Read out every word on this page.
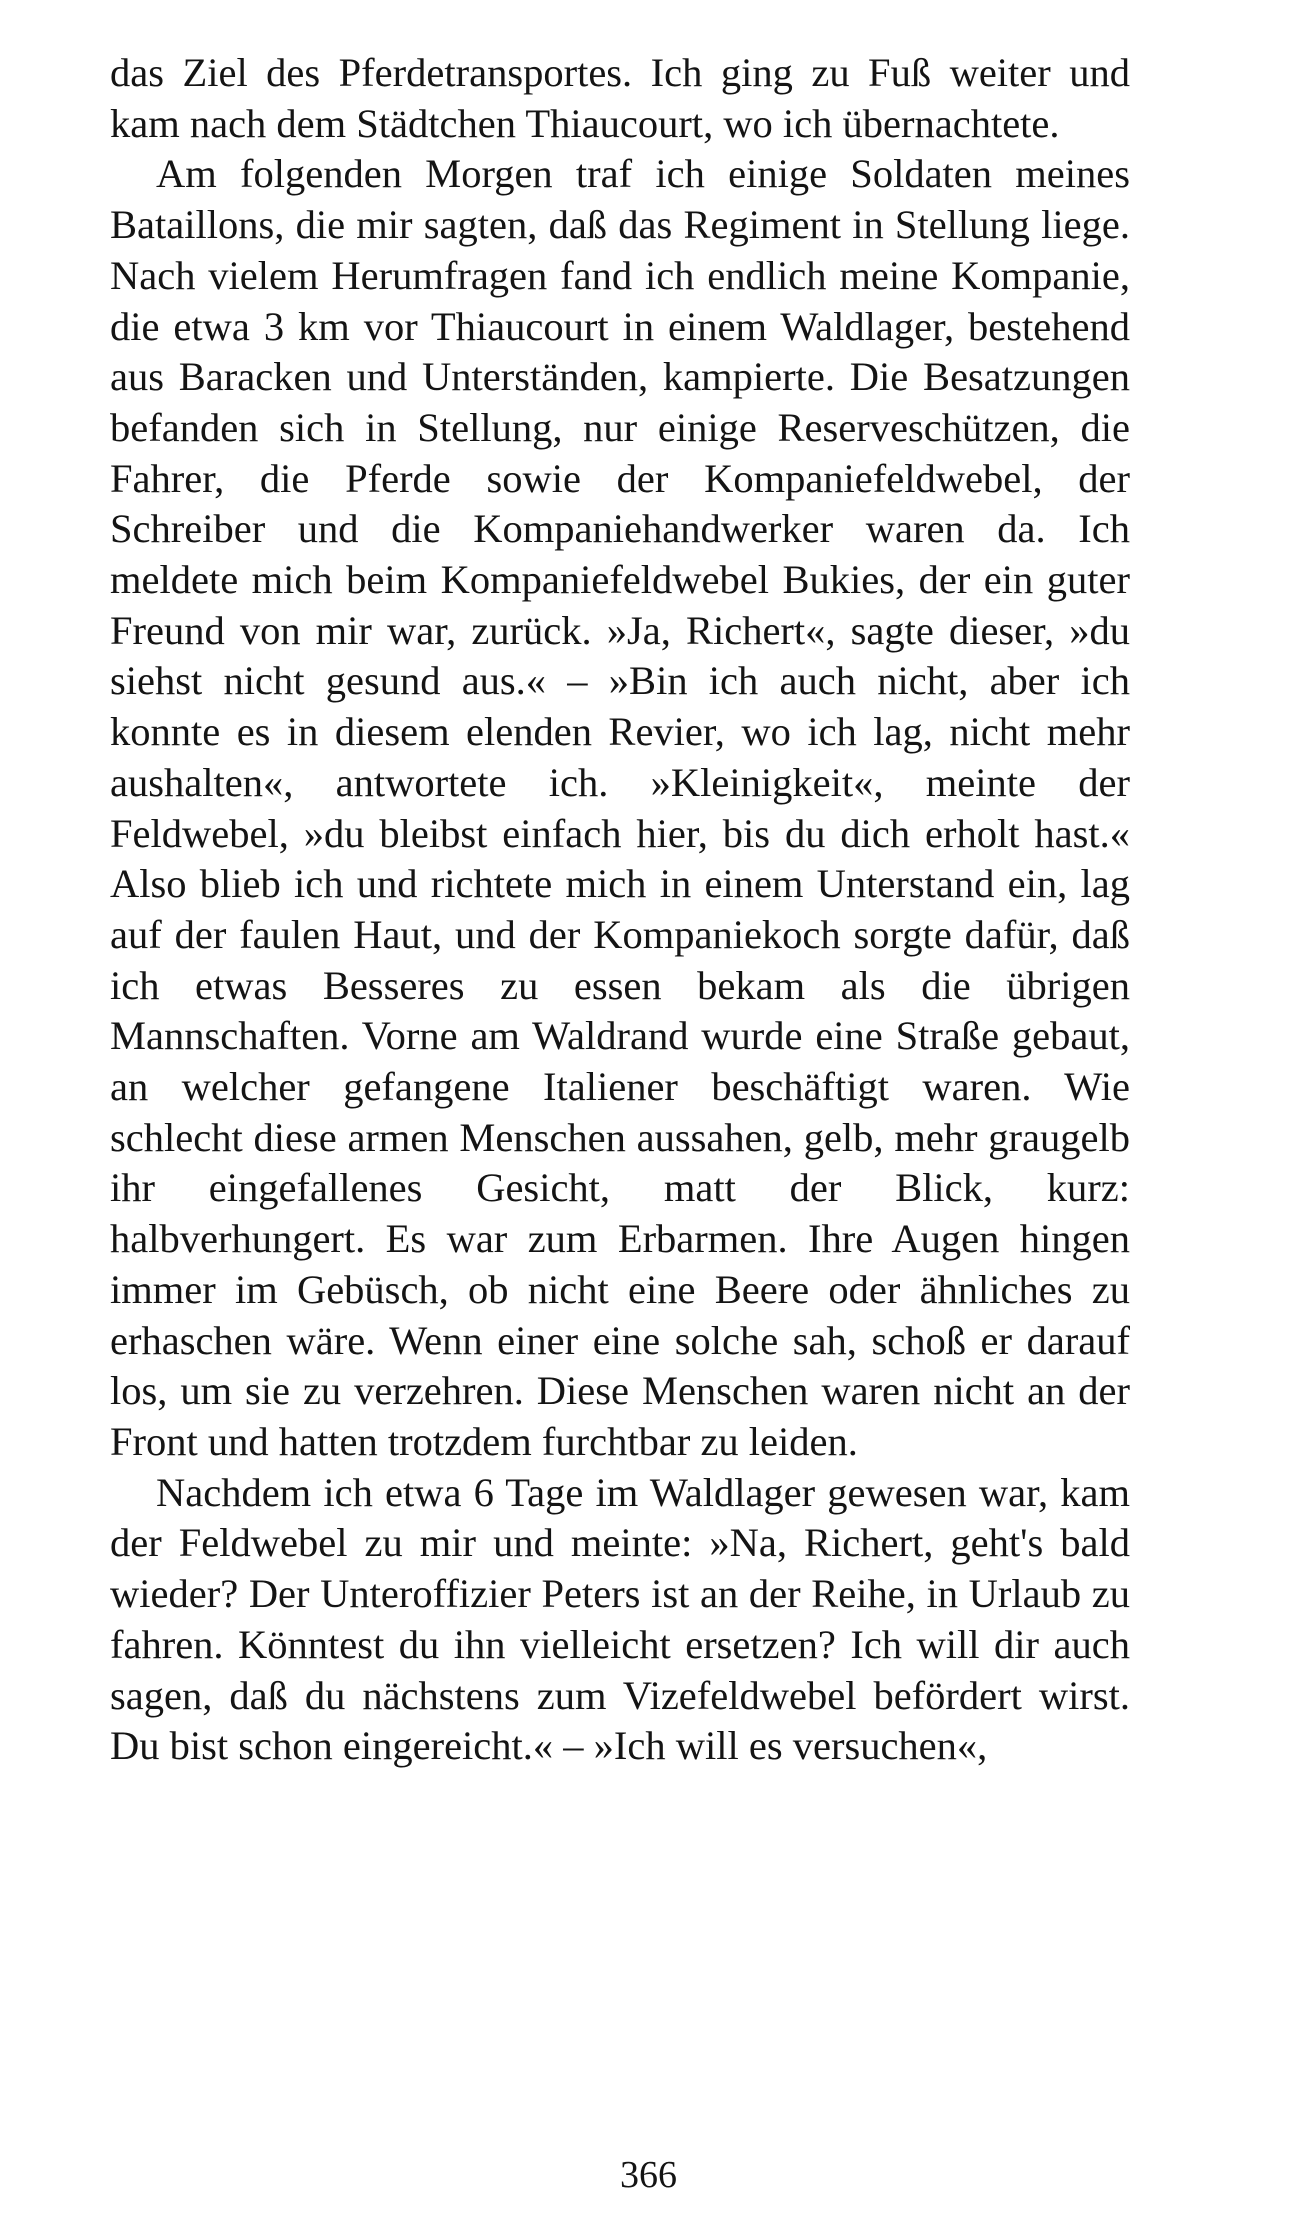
das Ziel des Pferdetransportes. Ich ging zu Fuß weiter und kam nach dem Städtchen Thiaucourt, wo ich übernachtete.

Am folgenden Morgen traf ich einige Soldaten meines Bataillons, die mir sagten, daß das Regiment in Stellung liege. Nach vielem Herumfragen fand ich endlich meine Kompanie, die etwa 3 km vor Thiaucourt in einem Waldlager, bestehend aus Baracken und Unterständen, kampierte. Die Besatzungen befanden sich in Stellung, nur einige Reserveschützen, die Fahrer, die Pferde sowie der Kompaniefeldwebel, der Schreiber und die Kompaniehandwerker waren da. Ich meldete mich beim Kompaniefeldwebel Bukies, der ein guter Freund von mir war, zurück. »Ja, Richert«, sagte dieser, »du siehst nicht gesund aus.« – »Bin ich auch nicht, aber ich konnte es in diesem elenden Revier, wo ich lag, nicht mehr aushalten«, antwortete ich. »Kleinigkeit«, meinte der Feldwebel, »du bleibst einfach hier, bis du dich erholt hast.« Also blieb ich und richtete mich in einem Unterstand ein, lag auf der faulen Haut, und der Kompaniekoch sorgte dafür, daß ich etwas Besseres zu essen bekam als die übrigen Mannschaften. Vorne am Waldrand wurde eine Straße gebaut, an welcher gefangene Italiener beschäftigt waren. Wie schlecht diese armen Menschen aussahen, gelb, mehr graugelb ihr eingefallenes Gesicht, matt der Blick, kurz: halbverhungert. Es war zum Erbarmen. Ihre Augen hingen immer im Gebüsch, ob nicht eine Beere oder ähnliches zu erhaschen wäre. Wenn einer eine solche sah, schoß er darauf los, um sie zu verzehren. Diese Menschen waren nicht an der Front und hatten trotzdem furchtbar zu leiden.

Nachdem ich etwa 6 Tage im Waldlager gewesen war, kam der Feldwebel zu mir und meinte: »Na, Richert, geht's bald wieder? Der Unteroffizier Peters ist an der Reihe, in Urlaub zu fahren. Könntest du ihn vielleicht ersetzen? Ich will dir auch sagen, daß du nächstens zum Vizefeldwebel befördert wirst. Du bist schon eingereicht.« – »Ich will es versuchen«,

366
